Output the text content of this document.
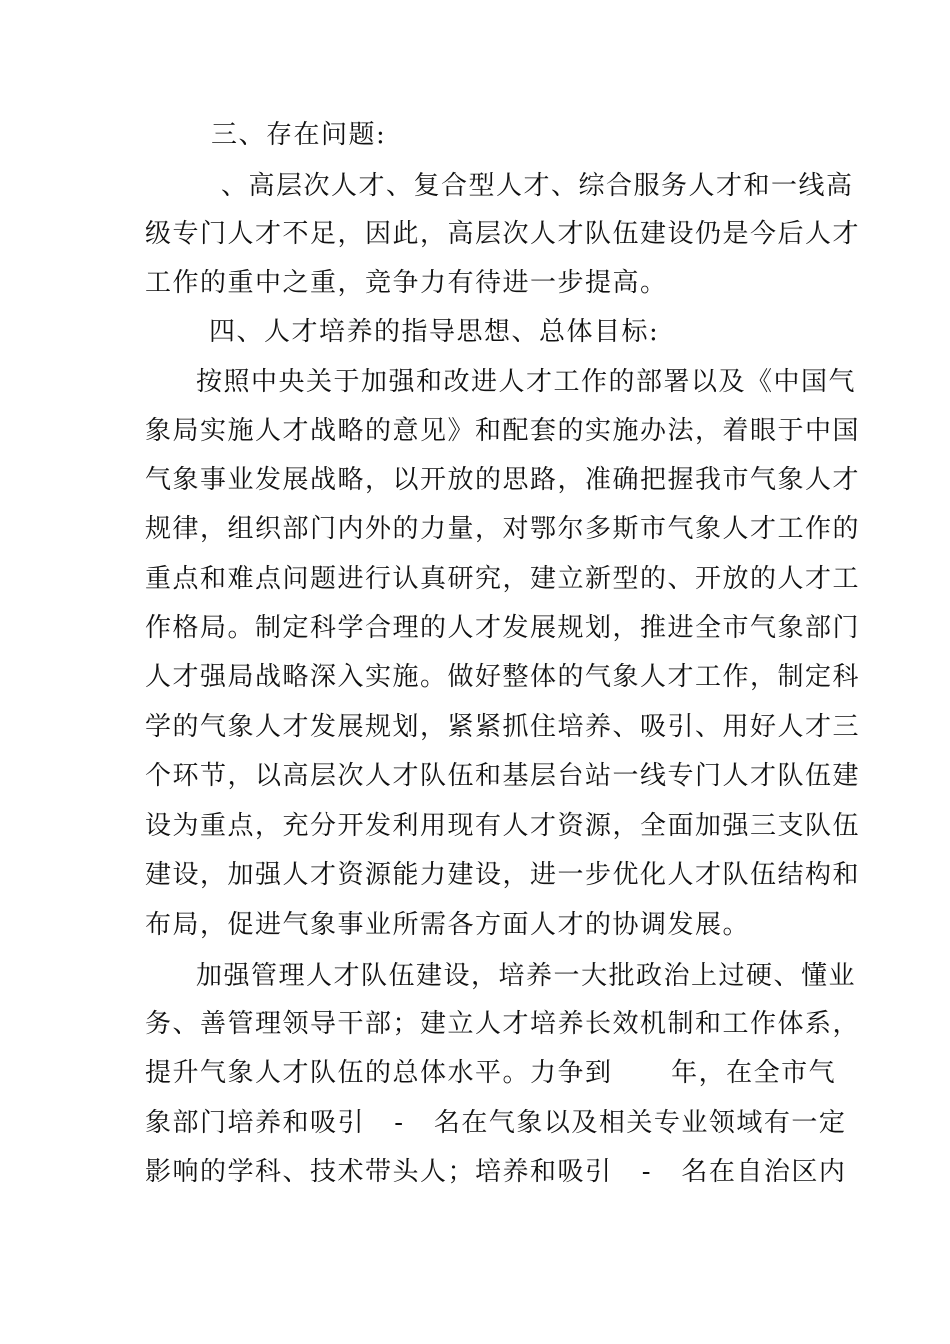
三、存在问题:
、高层次人才、复合型人才、综合服务人才和一线高
级专门人才不足，因此，高层次人才队伍建设仍是今后人才
工作的重中之重，竞争力有待进一步提高。
四、人才培养的指导思想、总体目标:
按照中央关于加强和改进人才工作的部署以及《中国气
象局实施人才战略的意见》和配套的实施办法，着眼于中国
气象事业发展战略，以开放的思路，准确把握我市气象人才
规律，组织部门内外的力量，对鄂尔多斯市气象人才工作的
重点和难点问题进行认真研究，建立新型的、开放的人才工
作格局。制定科学合理的人才发展规划，推进全市气象部门
人才强局战略深入实施。做好整体的气象人才工作，制定科
学的气象人才发展规划，紧紧抓住培养、吸引、用好人才三
个环节，以高层次人才队伍和基层台站一线专门人才队伍建
设为重点，充分开发利用现有人才资源，全面加强三支队伍
建设，加强人才资源能力建设，进一步优化人才队伍结构和
布局，促进气象事业所需各方面人才的协调发展。
加强管理人才队伍建设，培养一大批政治上过硬、懂业
务、善管理领导干部；建立人才培养长效机制和工作体系，
提升气象人才队伍的总体水平。力争到      年，在全市气
象部门培养和吸引   -   名在气象以及相关专业领域有一定
影响的学科、技术带头人；培养和吸引   -   名在自治区内
